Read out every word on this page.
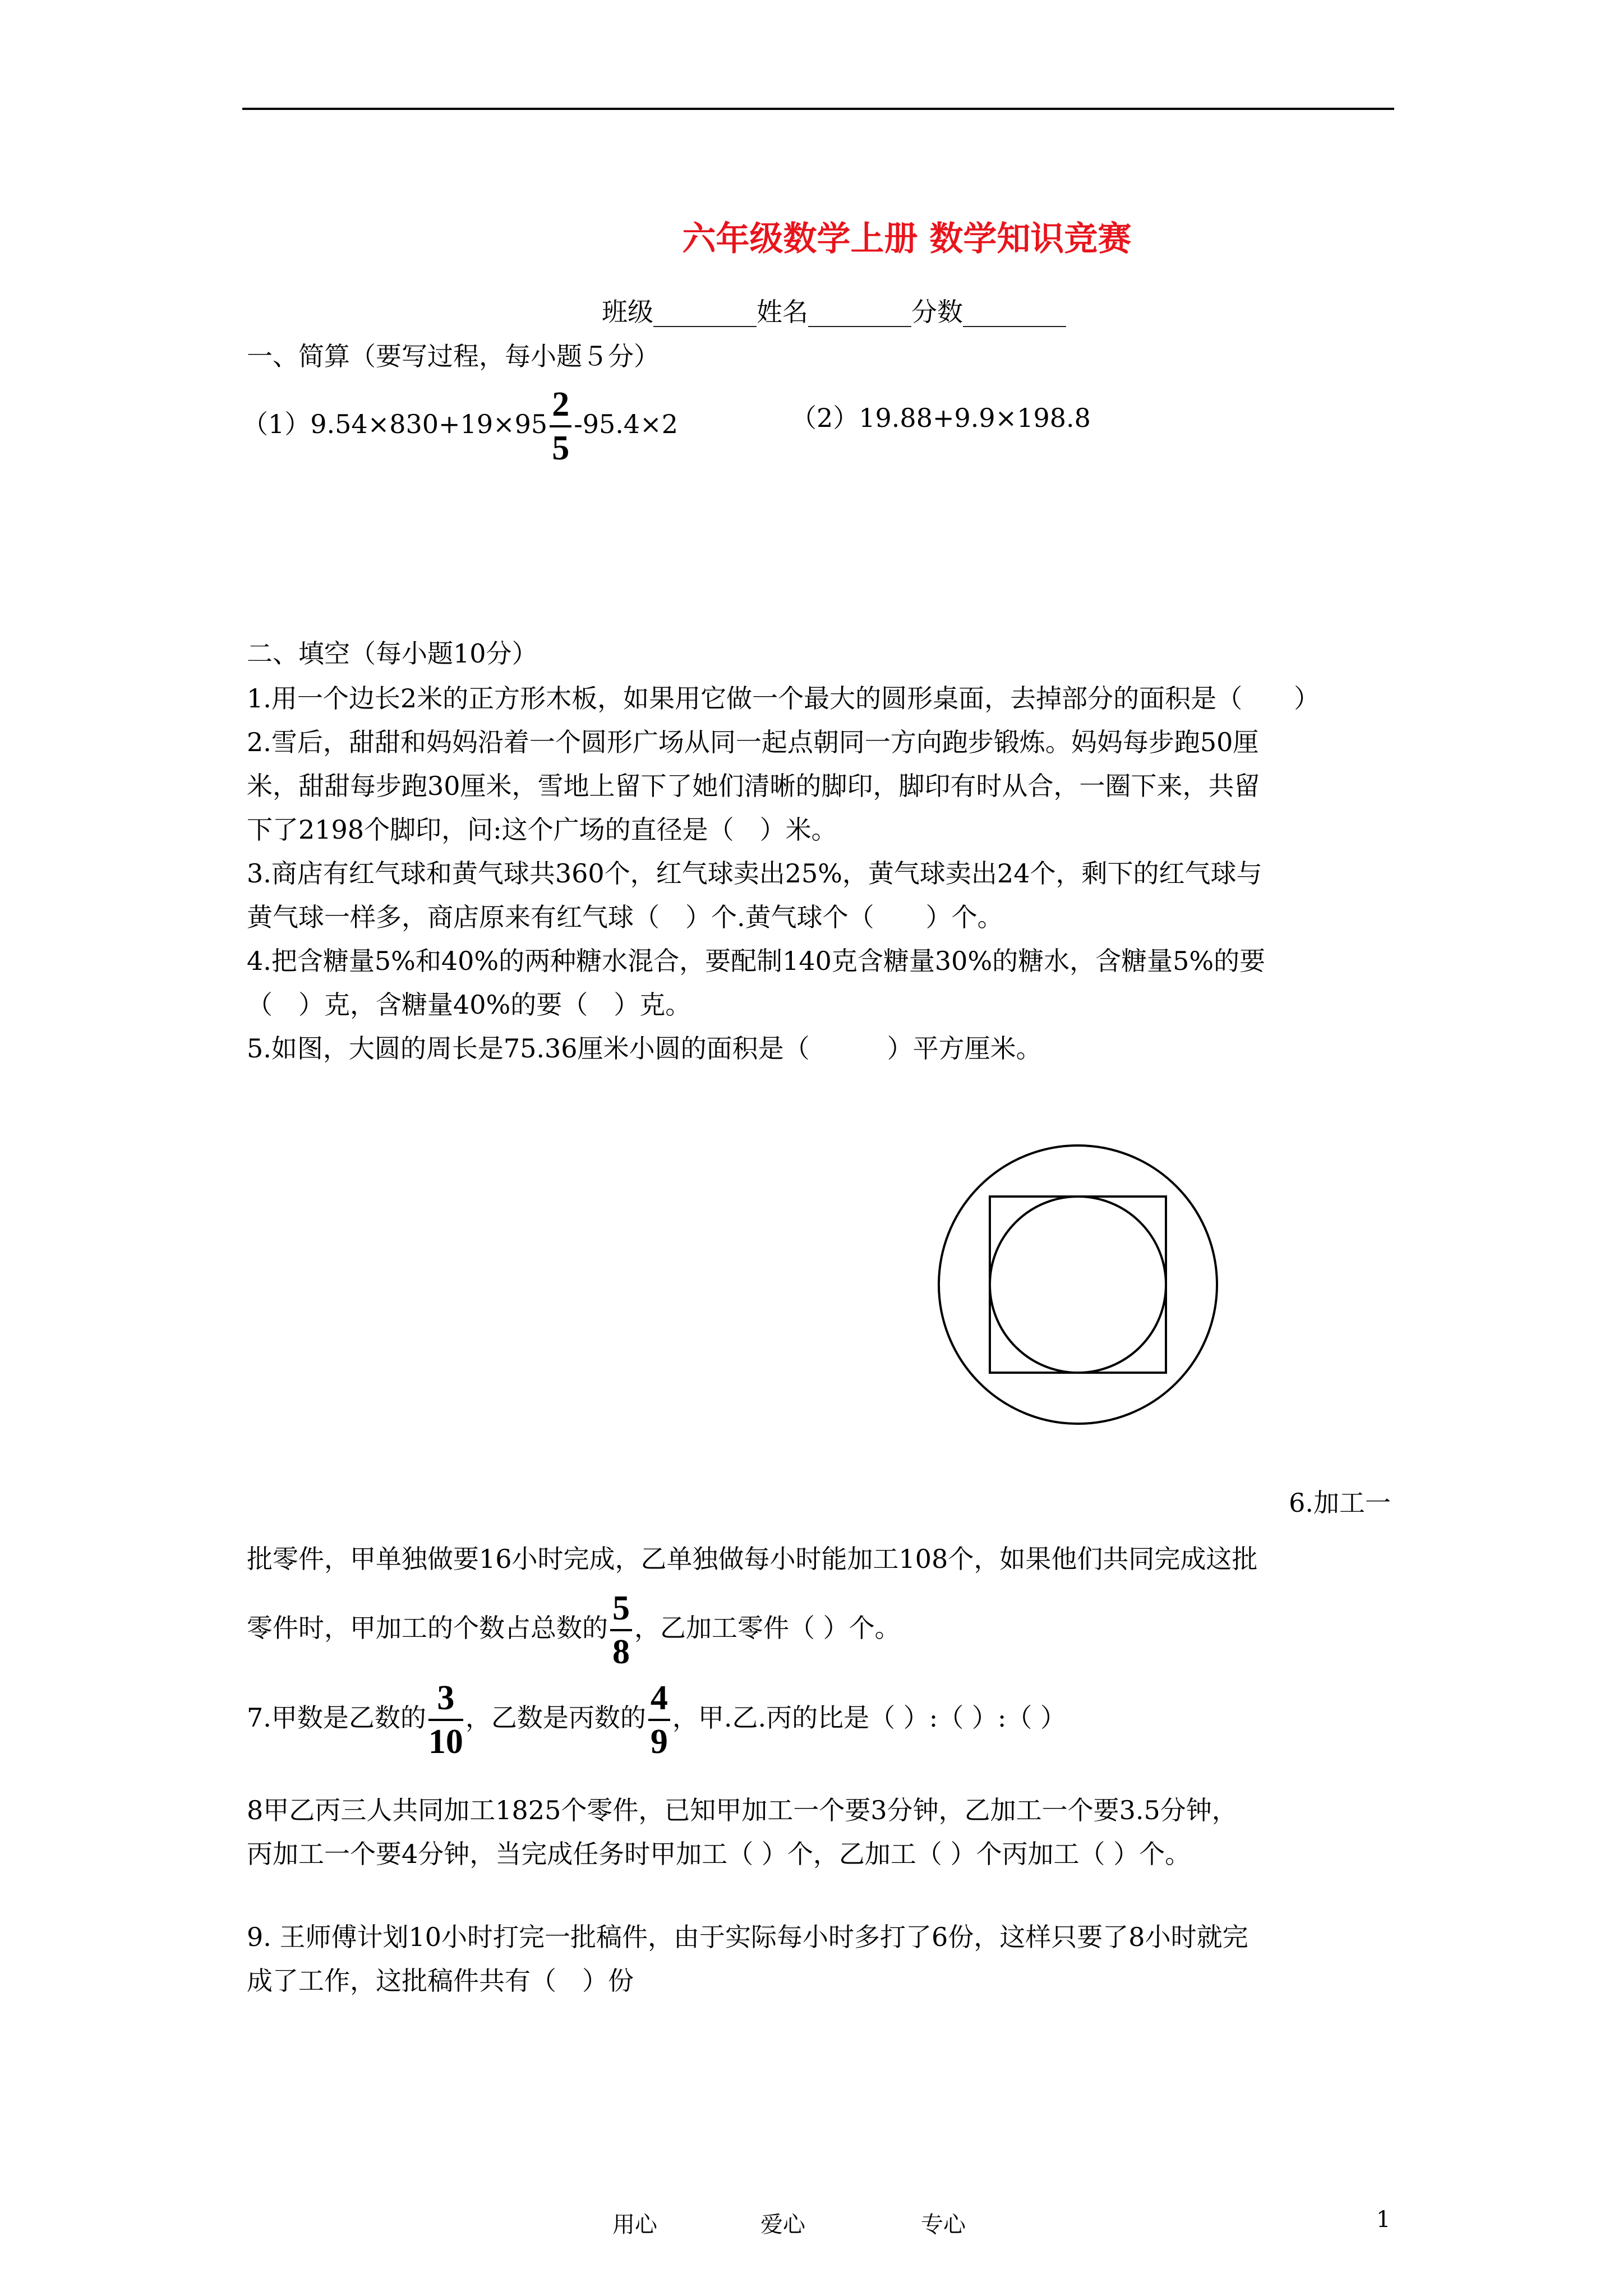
六年级数学上册 数学知识竞赛
班级________姓名________分数________
一、简算（要写过程，每小题５分）
$(1)9.54\times 830+19\times 95 \frac{2}{5} -95.4\times 2$	（2）19.88+9.9×198.8
二、填空（每小题10分）
1.用一个边长2米的正方形木板，如果用它做一个最大的圆形桌面，去掉部分的面积是（　　）
2.雪后，甜甜和妈妈沿着一个圆形广场从同一起点朝同一方向跑步锻炼。妈妈每步跑50厘
米，甜甜每步跑30厘米，雪地上留下了她们清晰的脚印，脚印有时从合，一圈下来，共留
下了2198个脚印，问:这个广场的直径是（　）米。
3.商店有红气球和黄气球共360个，红气球卖出25%，黄气球卖出24个，剩下的红气球与
黄气球一样多，商店原来有红气球（　）个.黄气球个（　　）个。
4.把含糖量5%和40%的两种糖水混合，要配制140克含糖量30%的糖水，含糖量5%的要
（　）克，含糖量40%的要（　）克。
5.如图，大圆的周长是75.36厘米小圆的面积是（　　　）平方厘米。
6.加工一
批零件，甲单独做要16小时完成，乙单独做每小时能加工108个，如果他们共同完成这批
零件时，甲加工的个数占总数的 $\frac{5}{8}$ ，乙加工零件（ ）个。
7.甲数是乙数的 $\frac{3}{10}$ ，乙数是丙数的 $\frac{4}{9}$ ，甲.乙.丙的比是（ ）:（ ）:（ ）
8甲乙丙三人共同加工1825个零件，已知甲加工一个要3分钟，乙加工一个要3.5分钟，
丙加工一个要4分钟，当完成任务时甲加工（ ）个，乙加工（ ）个丙加工（ ）个。
9. 王师傅计划10小时打完一批稿件，由于实际每小时多打了6份，这样只要了8小时就完
成了工作，这批稿件共有（　）份
用心	爱心	专心	1
